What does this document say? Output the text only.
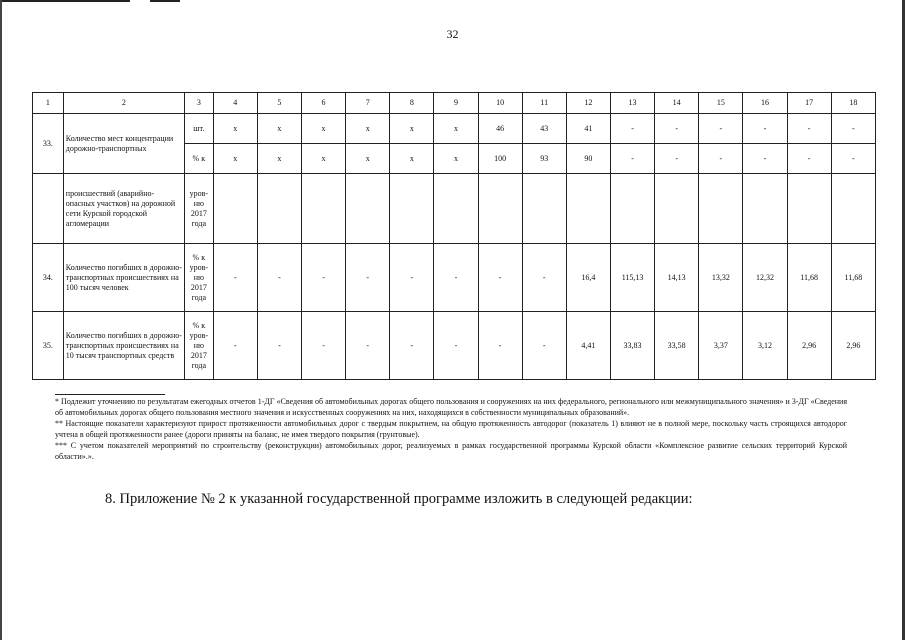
32
1	2	3	4	5	6	7	8	9	10	11	12	13	14	15	16	17	18
33.	Количество мест концентрации дорожно-транспортных	шт.	х	х	х	х	х	х	46	43	41	-	-	-	-	-	-
		% к	х	х	х	х	х	х	100	93	90	-	-	-	-	-	-
	происшествий (аварийно- опасных участков) на дорожной сети Курской городской агломерации	уров-ню 2017 года															
34.	Количество погибших в дорожно-транспортных происшествиях на 100 тысяч человек	% к уров-ню 2017 года	-	-	-	-	-	-	-	-	16,4	115,13	14,13	13,32	12,32	11,68	11,68
35.	Количество погибших в дорожно-транспортных происшествиях на 10 тысяч транспортных средств	% к уров-ню 2017 года	-	-	-	-	-	-	-	-	4,41	33,83	33,58	3,37	3,12	2,96	2,96

* Подлежит уточнению по результатам ежегодных отчетов 1-ДГ «Сведения об автомобильных дорогах общего пользования и сооружениях на них федерального, регионального или межмуниципального значения» и 3-ДГ «Сведения об автомобильных дорогах общего пользования местного значения и искусственных сооружениях на них, находящихся в собственности муниципальных образований».

** Настоящие показатели характеризуют прирост протяженности автомобильных дорог с твердым покрытием, на общую протяженность автодорог (показатель 1) влияют не в полной мере, поскольку часть строящихся автодорог учтена в общей протяженности ранее (дороги приняты на баланс, не имея твердого покрытия (грунтовые).

*** С учетом показателей мероприятий по строительству (реконструкции) автомобильных дорог, реализуемых в рамках государственной программы Курской области «Комплексное развитие сельских территорий Курской области».».

8. Приложение № 2 к указанной государственной программе изложить в следующей редакции:
